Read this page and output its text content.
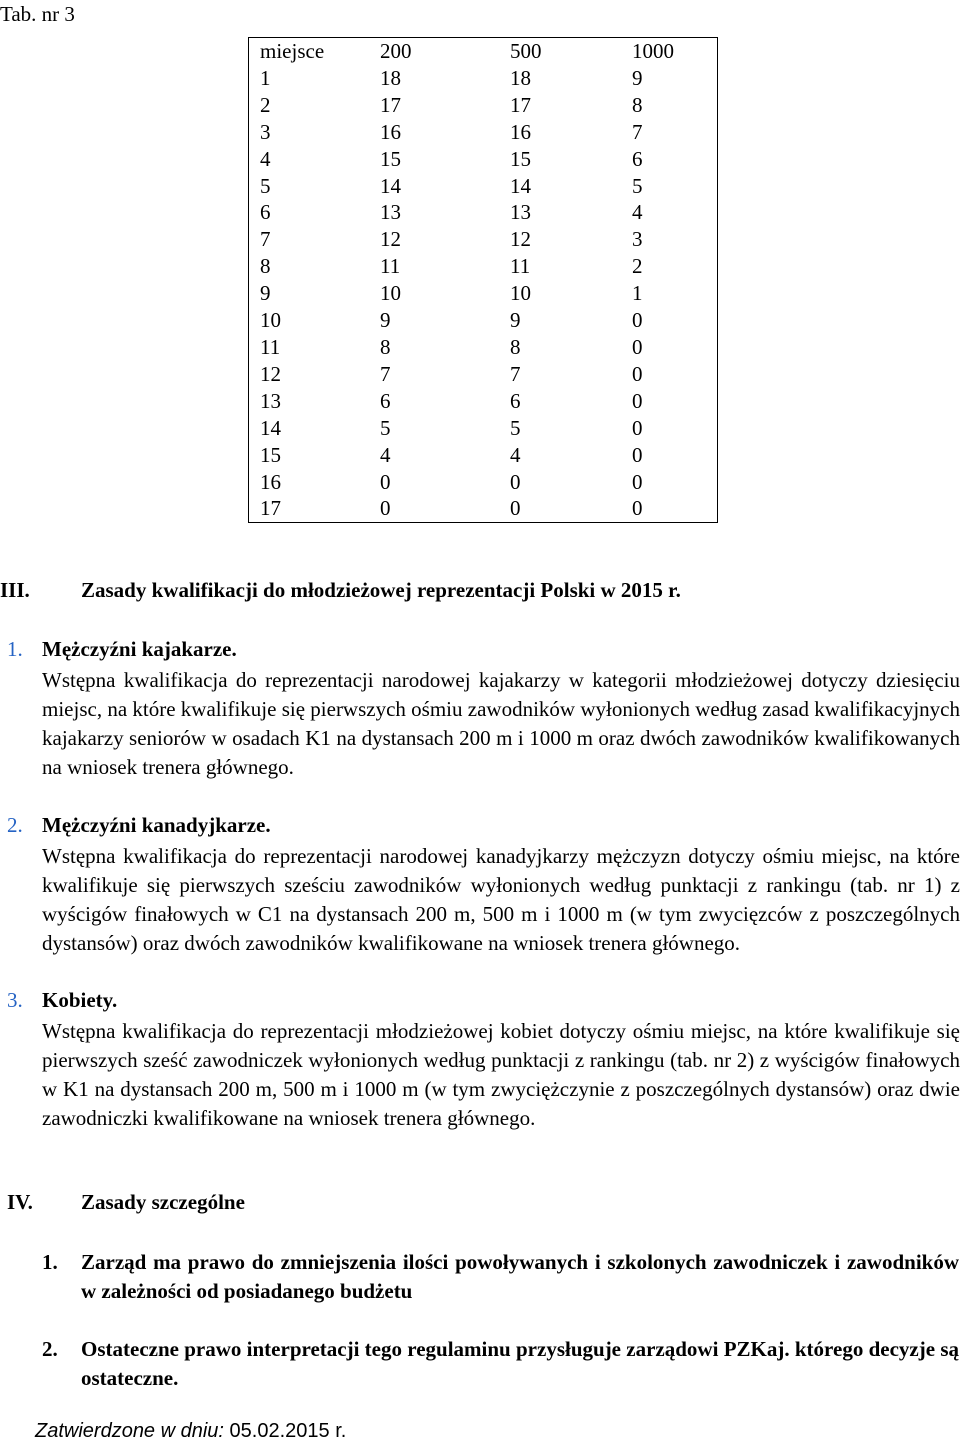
Tab. nr 3
miejsce	200	500	1000
1	18	18	9
2	17	17	8
3	16	16	7
4	15	15	6
5	14	14	5
6	13	13	4
7	12	12	3
8	11	11	2
9	10	10	1
10	9	9	0
11	8	8	0
12	7	7	0
13	6	6	0
14	5	5	0
15	4	4	0
16	0	0	0
17	0	0	0
III. Zasady kwalifikacji do młodzieżowej reprezentacji Polski w 2015 r.
1. Mężczyźni kajakarze.
Wstępna kwalifikacja do reprezentacji narodowej kajakarzy w kategorii młodzieżowej dotyczy dziesięciu miejsc, na które kwalifikuje się pierwszych ośmiu zawodników wyłonionych według zasad kwalifikacyjnych kajakarzy seniorów w osadach K1 na dystansach 200 m i 1000 m oraz dwóch zawodników kwalifikowanych na wniosek trenera głównego.
2. Mężczyźni kanadyjkarze.
Wstępna kwalifikacja do reprezentacji narodowej kanadyjkarzy mężczyzn dotyczy ośmiu miejsc, na które kwalifikuje się pierwszych sześciu zawodników wyłonionych według punktacji z rankingu (tab. nr 1) z wyścigów finałowych w C1 na dystansach 200 m, 500 m i 1000 m (w tym zwycięzców z poszczególnych dystansów) oraz dwóch zawodników kwalifikowane na wniosek trenera głównego.
3. Kobiety.
Wstępna kwalifikacja do reprezentacji młodzieżowej kobiet dotyczy ośmiu miejsc, na które kwalifikuje się pierwszych sześć zawodniczek wyłonionych według punktacji z rankingu (tab. nr 2) z wyścigów finałowych w K1 na dystansach 200 m, 500 m i 1000 m (w tym zwyciężczynie z poszczególnych dystansów) oraz dwie zawodniczki kwalifikowane na wniosek trenera głównego.
IV. Zasady szczególne
1. Zarząd ma prawo do zmniejszenia ilości powoływanych i szkolonych zawodniczek i zawodników w zależności od posiadanego budżetu
2. Ostateczne prawo interpretacji tego regulaminu przysługuje zarządowi PZKaj. którego decyzje są ostateczne.
Zatwierdzone w dniu: 05.02.2015 r.
